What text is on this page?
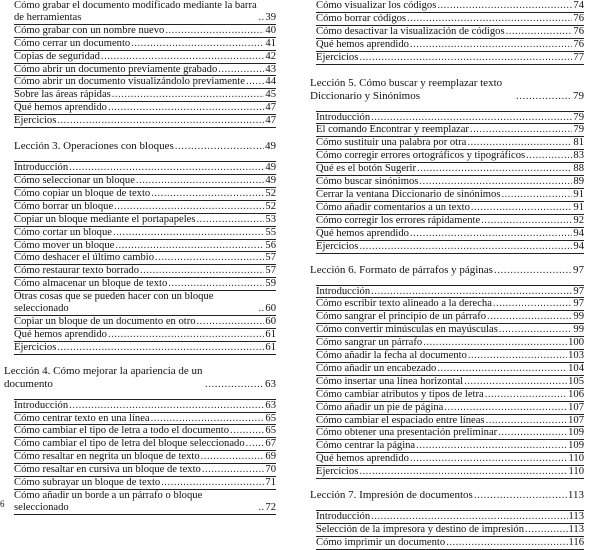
Cómo grabar el documento modificado mediante la barra de herramientas .....	39
Cómo grabar con un nombre nuevo .....	40
Cómo cerrar un documento .....	41
Copias de seguridad .....	42
Cómo abrir un documento previamente grabado .....	43
Cómo abrir un documento visualizándolo previamente ..... 44
Sobre las áreas rápidas .....	45
Qué hemos aprendido .....	47
Ejercicios .....	47
Lección 3. Operaciones con bloques .....	49
Introducción .....	49
Cómo seleccionar un bloque .....	49
Cómo copiar un bloque de texto .....	52
Cómo borrar un bloque .....	52
Copiar un bloque mediante el portapapeles .....	53
Cómo cortar un bloque .....	55
Cómo mover un bloque .....	56
Cómo deshacer el último cambio .....	57
Cómo restaurar texto borrado .....	57
Cómo almacenar un bloque de texto .....	59
Otras cosas que se pueden hacer con un bloque seleccionado .....	60
Copiar un bloque de un documento en otro .....	60
Qué hemos aprendido .....	61
Ejercicios .....	61
Lección 4. Cómo mejorar la apariencia de un documento .....	63
Introducción .....	63
Cómo centrar texto en una línea .....	65
Cómo cambiar el tipo de letra a todo el documento .....	65
Cómo cambiar el tipo de letra del bloque seleccionado ..... 67
Cómo resaltar en negrita un bloque de texto .....	69
Cómo resaltar en cursiva un bloque de texto .....	70
Cómo subrayar un bloque de texto .....	71
Cómo añadir un borde a un párrafo o bloque seleccionado .....	72
Cómo visualizar los códigos .....	74
Cómo borrar códigos .....	76
Cómo desactivar la visualización de códigos .....	76
Qué hemos aprendido .....	76
Ejercicios .....	77
Lección 5. Cómo buscar y reemplazar texto Diccionario y Sinónimos .....	79
Introducción .....	79
El comando Encontrar y reemplazar .....	79
Cómo sustituir una palabra por otra .....	81
Cómo corregir errores ortográficos y tipográficos .....	83
Qué es el botón Sugerir .....	88
Cómo buscar sinónimos .....	89
Cerrar la ventana Diccionario de sinónimos .....	91
Cómo añadir comentarios a un texto .....	91
Cómo corregir los errores rápidamente .....	92
Qué hemos aprendido .....	94
Ejercicios .....	94
Lección 6. Formato de párrafos y páginas .....	97
Introducción .....	97
Cómo escribir texto alineado a la derecha .....	97
Cómo sangrar el principio de un párrafo .....	99
Cómo convertir minúsculas en mayúsculas .....	99
Cómo sangrar un párrafo .....	100
Cómo añadir la fecha al documento .....	103
Cómo añadir un encabezado .....	104
Cómo insertar una línea horizontal .....	105
Cómo cambiar atributos y tipos de letra .....	106
Cómo añadir un pie de página .....	107
Cómo cambiar el espaciado entre líneas .....	107
Cómo obtener una presentación preliminar .....	109
Cómo centrar la página .....	109
Qué hemos aprendido .....	110
Ejercicios .....	110
Lección 7. Impresión de documentos .....	113
Introducción .....	113
Selección de la impresora y destino de impresión .....	113
Cómo imprimir un documento .....	116
6
